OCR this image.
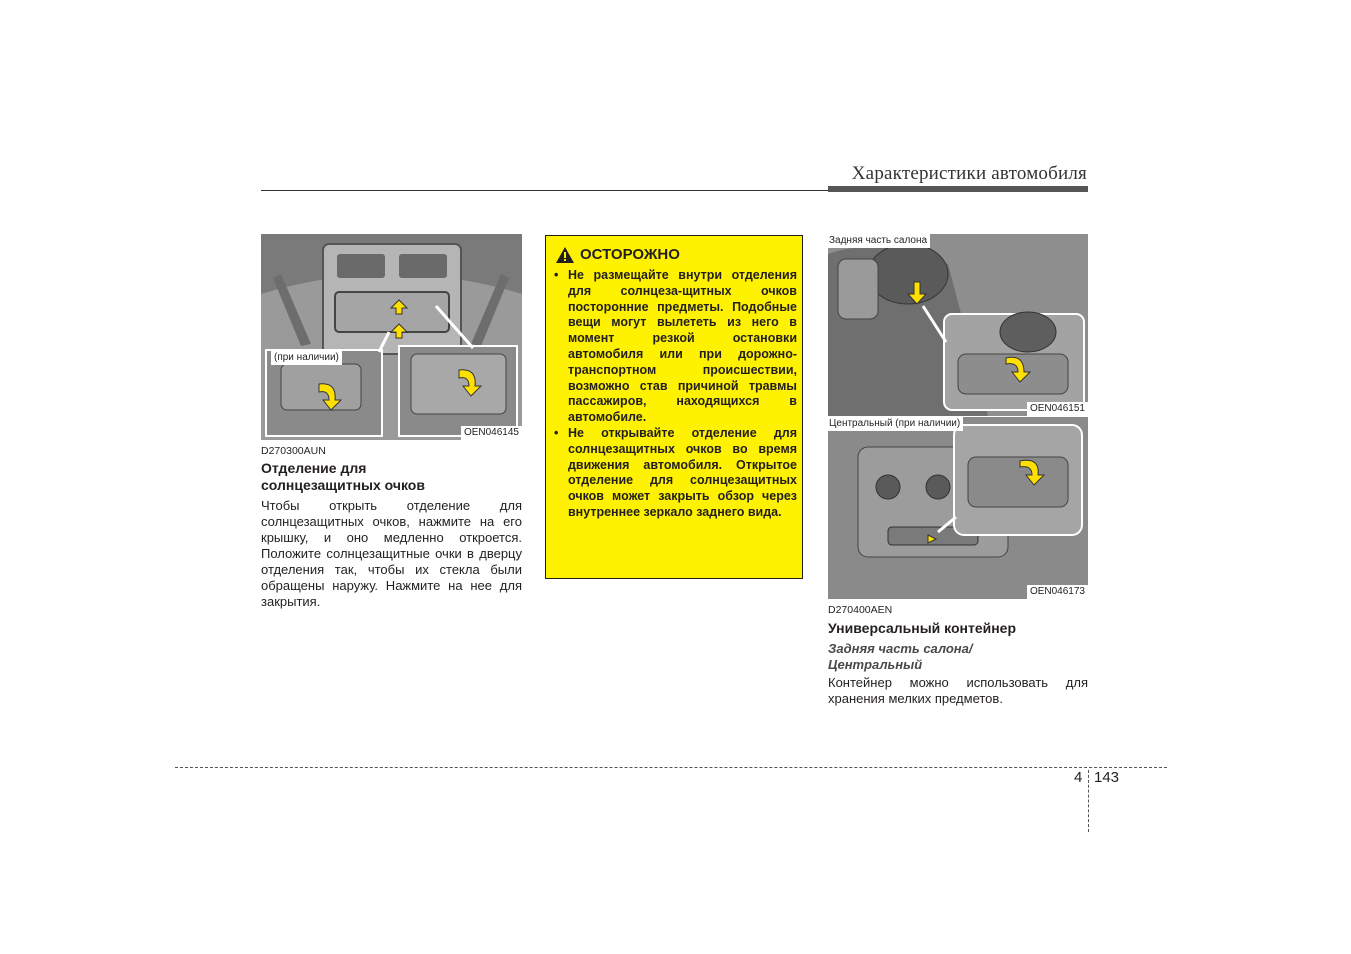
Характеристики автомобиля
(при наличии)
OEN046145
D270300AUN
Отделение для солнцезащитных очков
Чтобы открыть отделение для солнцезащитных очков, нажмите на его крышку, и оно медленно откроется. Положите солнцезащитные очки в дверцу отделения так, чтобы их стекла были обращены наружу. Нажмите на нее для закрытия.
ОСТОРОЖНО
• Не размещайте внутри отделения для солнцеза-щитных очков посторонние предметы. Подобные вещи могут вылететь из него в момент резкой остановки автомобиля или при дорожно-транспортном происшествии, возможно став причиной травмы пассажиров, находящихся в автомобиле.
• Не открывайте отделение для солнцезащитных очков во время движения автомобиля. Открытое отделение для солнцезащитных очков может закрыть обзор через внутреннее зеркало заднего вида.
Задняя часть салона
OEN046151
Центральный (при наличии)
OEN046173
D270400AEN
Универсальный контейнер
Задняя часть салона/ Центральный
Контейнер можно использовать для хранения мелких предметов.
4 143
